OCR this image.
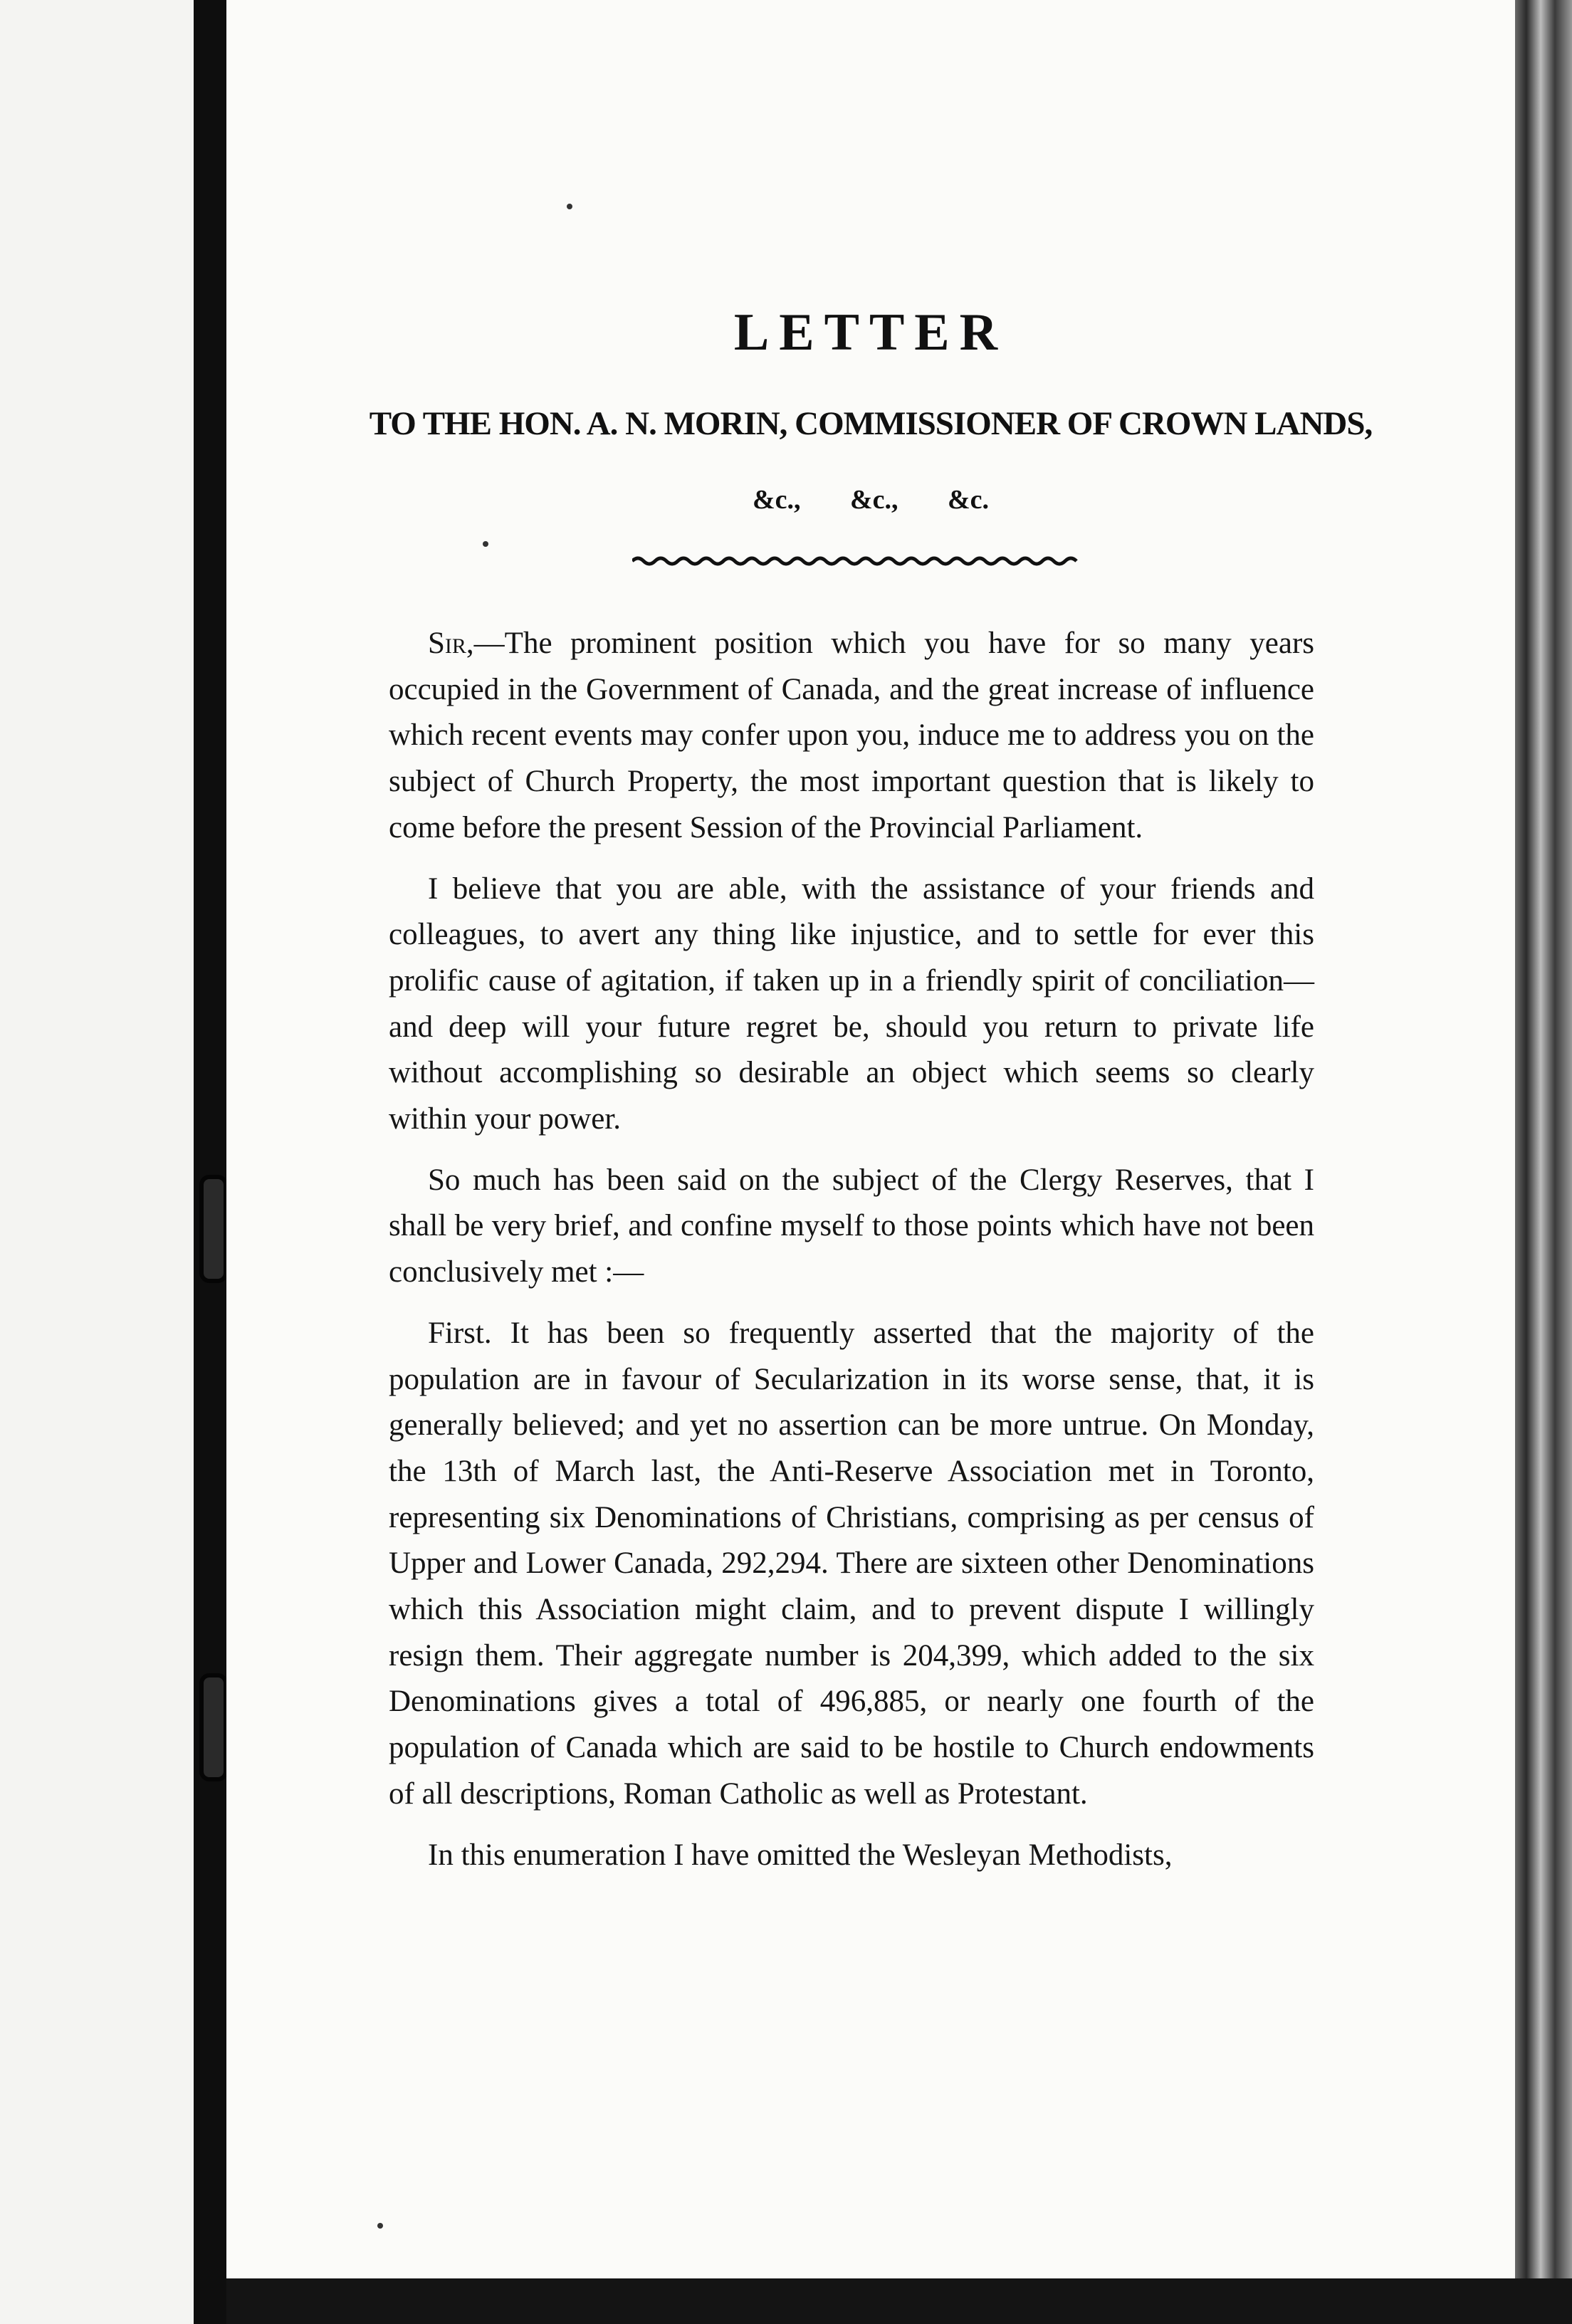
LETTER
TO THE HON. A. N. MORIN, COMMISSIONER OF CROWN LANDS,
&c., &c., &c.

Sir,—The prominent position which you have for so many years occupied in the Government of Canada, and the great increase of influence which recent events may confer upon you, induce me to address you on the subject of Church Property, the most important question that is likely to come before the present Session of the Provincial Parliament.

I believe that you are able, with the assistance of your friends and colleagues, to avert any thing like injustice, and to settle for ever this prolific cause of agitation, if taken up in a friendly spirit of conciliation—and deep will your future regret be, should you return to private life without accomplishing so desirable an object which seems so clearly within your power.

So much has been said on the subject of the Clergy Reserves, that I shall be very brief, and confine myself to those points which have not been conclusively met :—

First. It has been so frequently asserted that the majority of the population are in favour of Secularization in its worse sense, that, it is generally believed; and yet no assertion can be more untrue. On Monday, the 13th of March last, the Anti-Reserve Association met in Toronto, representing six Denominations of Christians, comprising as per census of Upper and Lower Canada, 292,294. There are sixteen other Denominations which this Association might claim, and to prevent dispute I willingly resign them. Their aggregate number is 204,399, which added to the six Denominations gives a total of 496,885, or nearly one fourth of the population of Canada which are said to be hostile to Church endowments of all descriptions, Roman Catholic as well as Protestant.

In this enumeration I have omitted the Wesleyan Methodists,
